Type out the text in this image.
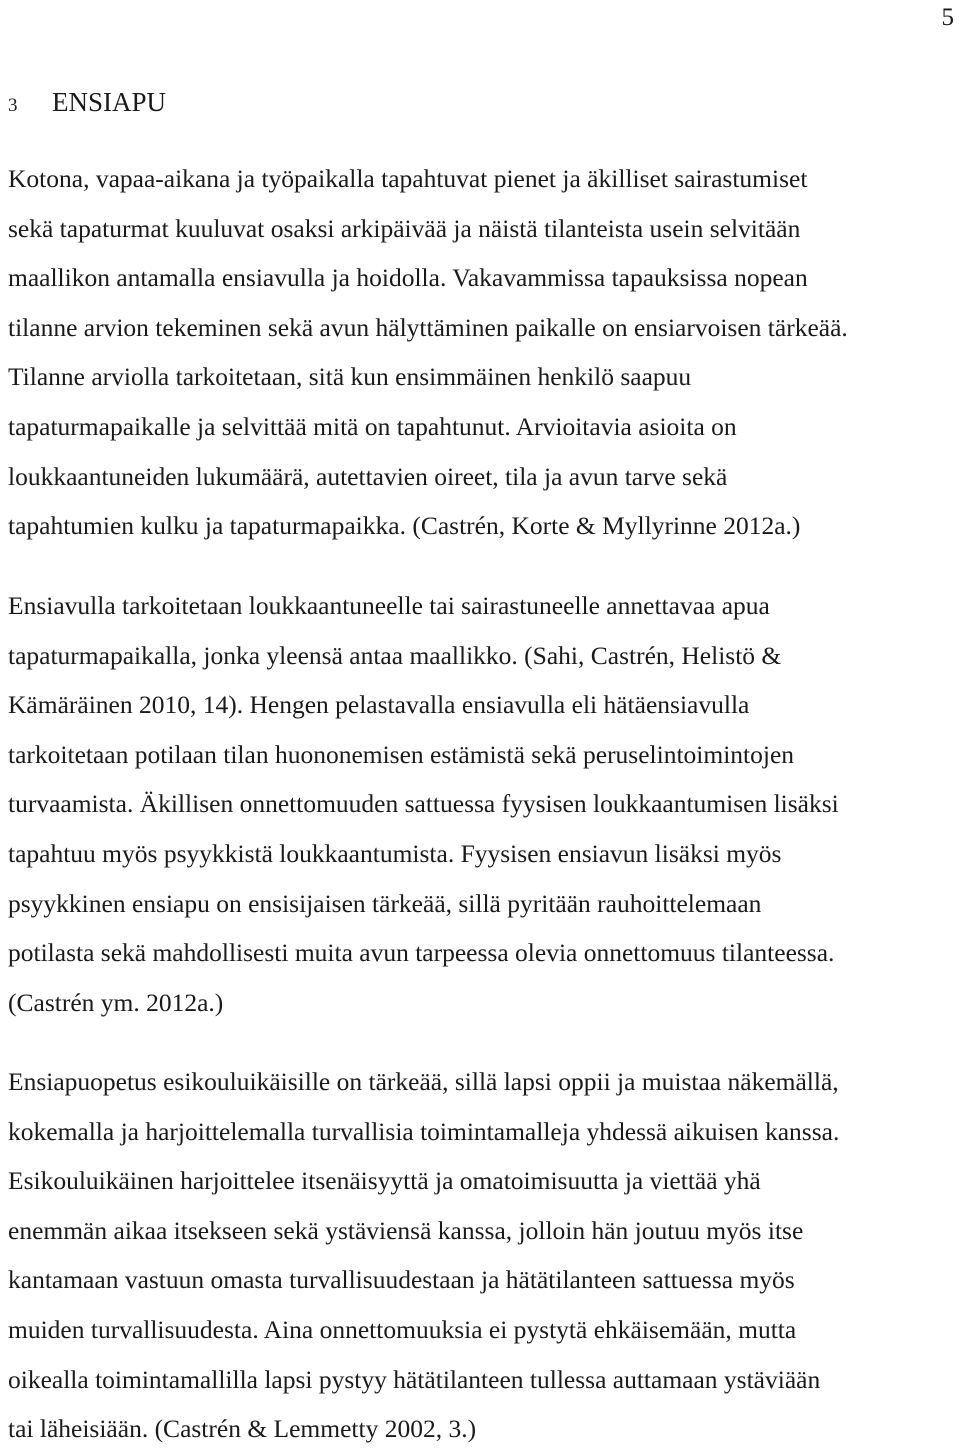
5
3 ENSIAPU

Kotona, vapaa-aikana ja työpaikalla tapahtuvat pienet ja äkilliset sairastumiset
sekä tapaturmat kuuluvat osaksi arkipäivää ja näistä tilanteista usein selvitään
maallikon antamalla ensiavulla ja hoidolla. Vakavammissa tapauksissa nopean
tilanne arvion tekeminen sekä avun hälyttäminen paikalle on ensiarvoisen tärkeää.
Tilanne arviolla tarkoitetaan, sitä kun ensimmäinen henkilö saapuu
tapaturmapaikalle ja selvittää mitä on tapahtunut. Arvioitavia asioita on
loukkaantuneiden lukumäärä, autettavien oireet, tila ja avun tarve sekä
tapahtumien kulku ja tapaturmapaikka. (Castrén, Korte & Myllyrinne 2012a.)

Ensiavulla tarkoitetaan loukkaantuneelle tai sairastuneelle annettavaa apua
tapaturmapaikalla, jonka yleensä antaa maallikko. (Sahi, Castrén, Helistö &
Kämäräinen 2010, 14). Hengen pelastavalla ensiavulla eli hätäensiavulla
tarkoitetaan potilaan tilan huononemisen estämistä sekä peruselintoimintojen
turvaamista. Äkillisen onnettomuuden sattuessa fyysisen loukkaantumisen lisäksi
tapahtuu myös psyykkistä loukkaantumista. Fyysisen ensiavun lisäksi myös
psyykkinen ensiapu on ensisijaisen tärkeää, sillä pyritään rauhoittelemaan
potilasta sekä mahdollisesti muita avun tarpeessa olevia onnettomuus tilanteessa.
(Castrén ym. 2012a.)

Ensiapuopetus esikouluikäisille on tärkeää, sillä lapsi oppii ja muistaa näkemällä,
kokemalla ja harjoittelemalla turvallisia toimintamalleja yhdessä aikuisen kanssa.
Esikouluikäinen harjoittelee itsenäisyyttä ja omatoimisuutta ja viettää yhä
enemmän aikaa itsekseen sekä ystäviensä kanssa, jolloin hän joutuu myös itse
kantamaan vastuun omasta turvallisuudestaan ja hätätilanteen sattuessa myös
muiden turvallisuudesta. Aina onnettomuuksia ei pystytä ehkäisemään, mutta
oikealla toimintamallilla lapsi pystyy hätätilanteen tullessa auttamaan ystäviään
tai läheisiään. (Castrén & Lemmetty 2002, 3.)
